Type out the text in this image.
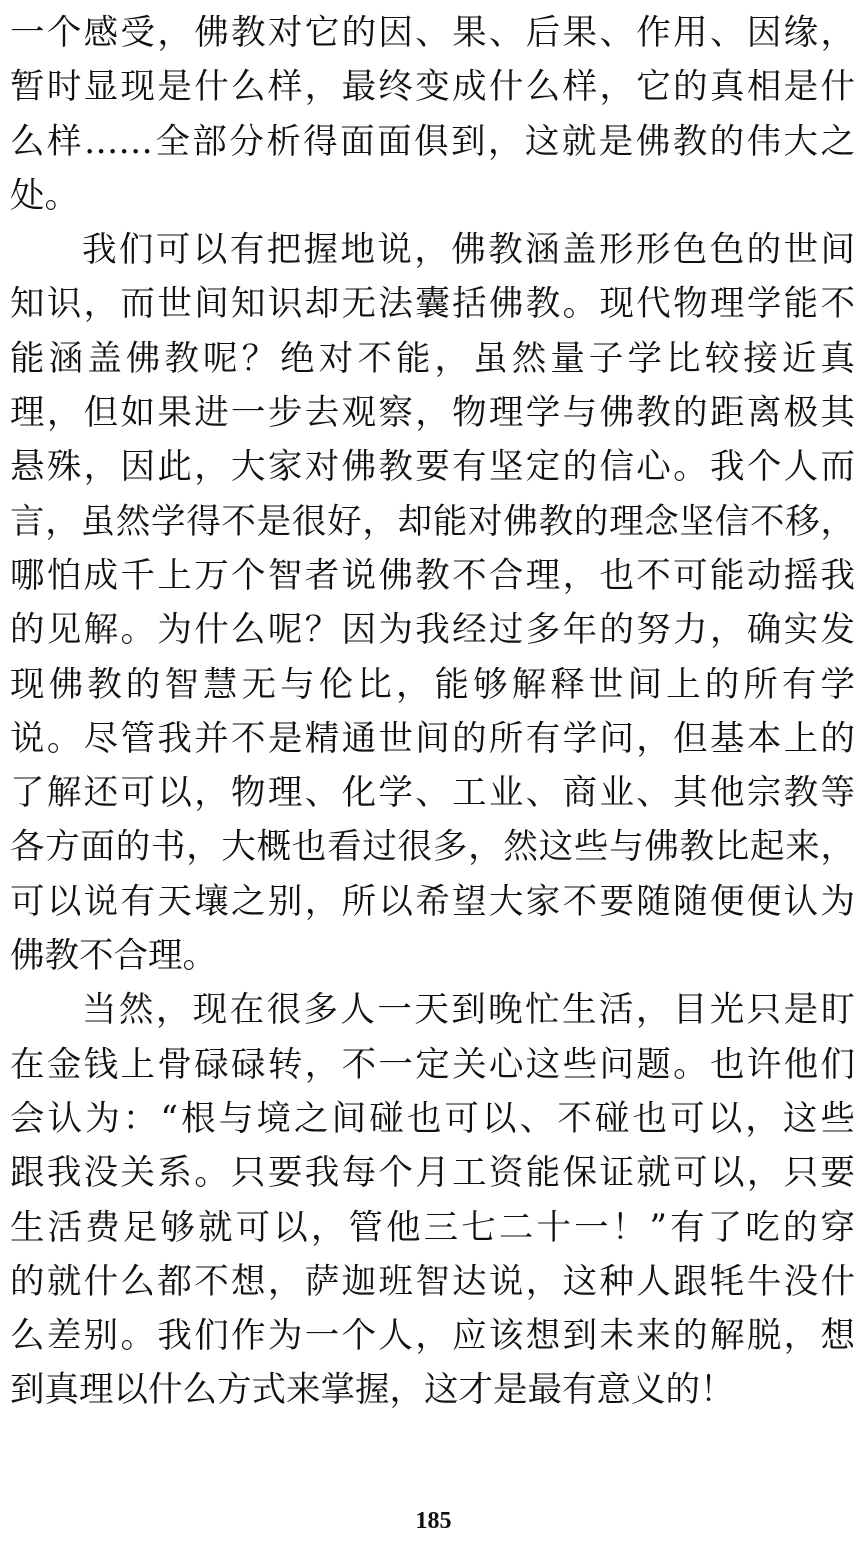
一个感受，佛教对它的因、果、后果、作用、因缘，
暂时显现是什么样，最终变成什么样，它的真相是什
么样……全部分析得面面俱到，这就是佛教的伟大之
处。
我们可以有把握地说，佛教涵盖形形色色的世间
知识，而世间知识却无法囊括佛教。现代物理学能不
能涵盖佛教呢？绝对不能，虽然量子学比较接近真
理，但如果进一步去观察，物理学与佛教的距离极其
悬殊，因此，大家对佛教要有坚定的信心。我个人而
言，虽然学得不是很好，却能对佛教的理念坚信不移，
哪怕成千上万个智者说佛教不合理，也不可能动摇我
的见解。为什么呢？因为我经过多年的努力，确实发
现佛教的智慧无与伦比，能够解释世间上的所有学
说。尽管我并不是精通世间的所有学问，但基本上的
了解还可以，物理、化学、工业、商业、其他宗教等
各方面的书，大概也看过很多，然这些与佛教比起来，
可以说有天壤之别，所以希望大家不要随随便便认为
佛教不合理。
当然，现在很多人一天到晚忙生活，目光只是盯
在金钱上骨碌碌转，不一定关心这些问题。也许他们
会认为：“根与境之间碰也可以、不碰也可以，这些
跟我没关系。只要我每个月工资能保证就可以，只要
生活费足够就可以，管他三七二十一！”有了吃的穿
的就什么都不想，萨迦班智达说，这种人跟牦牛没什
么差别。我们作为一个人，应该想到未来的解脱，想
到真理以什么方式来掌握，这才是最有意义的！
185
